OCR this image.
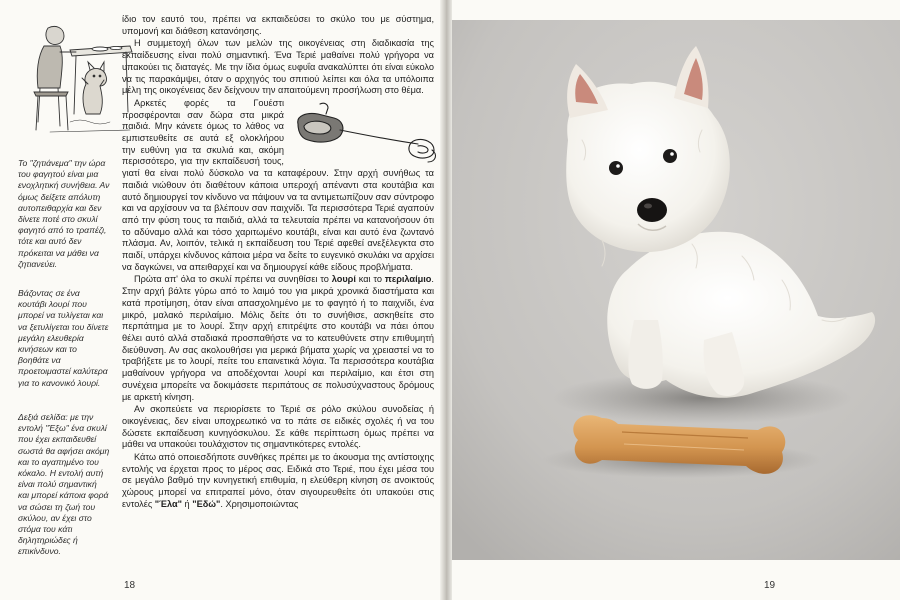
Το "ζητιάνεμα" την ώρα του φαγητού είναι μια ενοχλητική συνήθεια. Αν όμως δείξετε απόλυτη αυτοπειθαρχία και δεν δίνετε ποτέ στο σκυλί φαγητό από το τραπέζι, τότε και αυτό δεν πρόκειται να μάθει να ζητιανεύει.

Βάζοντας σε ένα κουτάβι λουρί που μπορεί να τυλίγεται και να ξετυλίγεται του δίνετε μεγάλη ελευθερία κινήσεων και το βοηθάτε να προετοιμαστεί καλύτερα για το κανονικό λουρί.

Δεξιά σελίδα: με την εντολή "Έξω" ένα σκυλί που έχει εκπαιδευθεί σωστά θα αφήσει ακόμη και το αγαπημένο του κόκαλο. Η εντολή αυτή είναι πολύ σημαντική και μπορεί κάποια φορά να σώσει τη ζωή του σκύλου, αν έχει στο στόμα του κάτι δηλητηριώδες ή επικίνδυνο.

ίδιο τον εαυτό του, πρέπει να εκπαιδεύσει το σκύλο του με σύστημα, υπομονή και διάθεση κατανόησης.

Η συμμετοχή όλων των μελών της οικογένειας στη διαδικασία της εκπαίδευσης είναι πολύ σημαντική. Ένα Τεριέ μαθαίνει πολύ γρήγορα να υπακούει τις διαταγές. Με την ίδια όμως ευφυΐα ανακαλύπτει ότι είναι εύκολο να τις παρακάμψει, όταν ο αρχηγός του σπιτιού λείπει και όλα τα υπόλοιπα μέλη της οικογένειας δεν δείχνουν την απαιτούμενη προσήλωση στο θέμα.

Αρκετές φορές τα Γουέστι προσφέρονται σαν δώρα στα μικρά παιδιά. Μην κάνετε όμως το λάθος να εμπιστευθείτε σε αυτά εξ ολοκλήρου την ευθύνη για τα σκυλιά και, ακόμη περισσότερο, για την εκπαίδευσή τους, γιατί θα είναι πολύ δύσκολο να τα καταφέρουν. Στην αρχή συνήθως τα παιδιά νιώθουν ότι διαθέτουν κάποια υπεροχή απέναντι στα κουτάβια και αυτό δημιουργεί τον κίνδυνο να πάψουν να τα αντιμετωπίζουν σαν σύντροφο και να αρχίσουν να τα βλέπουν σαν παιχνίδι. Τα περισσότερα Τεριέ αγαπούν από την φύση τους τα παιδιά, αλλά τα τελευταία πρέπει να κατανοήσουν ότι το αδύναμο αλλά και τόσο χαριτωμένο κουτάβι, είναι και αυτό ένα ζωντανό πλάσμα. Αν, λοιπόν, τελικά η εκπαίδευση του Τεριέ αφεθεί ανεξέλεγκτα στο παιδί, υπάρχει κίνδυνος κάποια μέρα να δείτε το ευγενικό σκυλάκι να αρχίσει να δαγκώνει, να απειθαρχεί και να δημιουργεί κάθε είδους προβλήματα.

Πρώτα απ' όλα το σκυλί πρέπει να συνηθίσει το λουρί και το περιλαίμιο. Στην αρχή βάλτε γύρω από το λαιμό του για μικρά χρονικά διαστήματα και κατά προτίμηση, όταν είναι απασχολημένο με το φαγητό ή το παιχνίδι, ένα μικρό, μαλακό περιλαίμιο. Μόλις δείτε ότι το συνήθισε, ασκηθείτε στο περπάτημα με το λουρί. Στην αρχή επιτρέψτε στο κουτάβι να πάει όπου θέλει αυτό αλλά σταδιακά προσπαθήστε να το κατευθύνετε στην επιθυμητή διεύθυνση. Αν σας ακολουθήσει για μερικά βήματα χωρίς να χρειαστεί να το τραβήξετε με το λουρί, πείτε του επαινετικά λόγια. Τα περισσότερα κουτάβια μαθαίνουν γρήγορα να αποδέχονται λουρί και περιλαίμιο, και έτσι στη συνέχεια μπορείτε να δοκιμάσετε περιπάτους σε πολυσύχναστους δρόμους με αρκετή κίνηση.

Αν σκοπεύετε να περιορίσετε το Τεριέ σε ρόλο σκύλου συνοδείας ή οικογένειας, δεν είναι υποχρεωτικό να το πάτε σε ειδικές σχολές ή να του δώσετε εκπαίδευση κυνηγόσκυλου. Σε κάθε περίπτωση όμως πρέπει να μάθει να υπακούει τουλάχιστον τις σημαντικότερες εντολές.

Κάτω από οποιεσδήποτε συνθήκες πρέπει με το άκουσμα της αντίστοιχης εντολής να έρχεται προς το μέρος σας. Ειδικά στο Τεριέ, που έχει μέσα του σε μεγάλο βαθμό την κυνηγετική επιθυμία, η ελεύθερη κίνηση σε ανοικτούς χώρους μπορεί να επιτραπεί μόνο, όταν σιγουρευθείτε ότι υπακούει στις εντολές "Έλα" ή "Εδώ". Χρησιμοποιώντας

18	19
